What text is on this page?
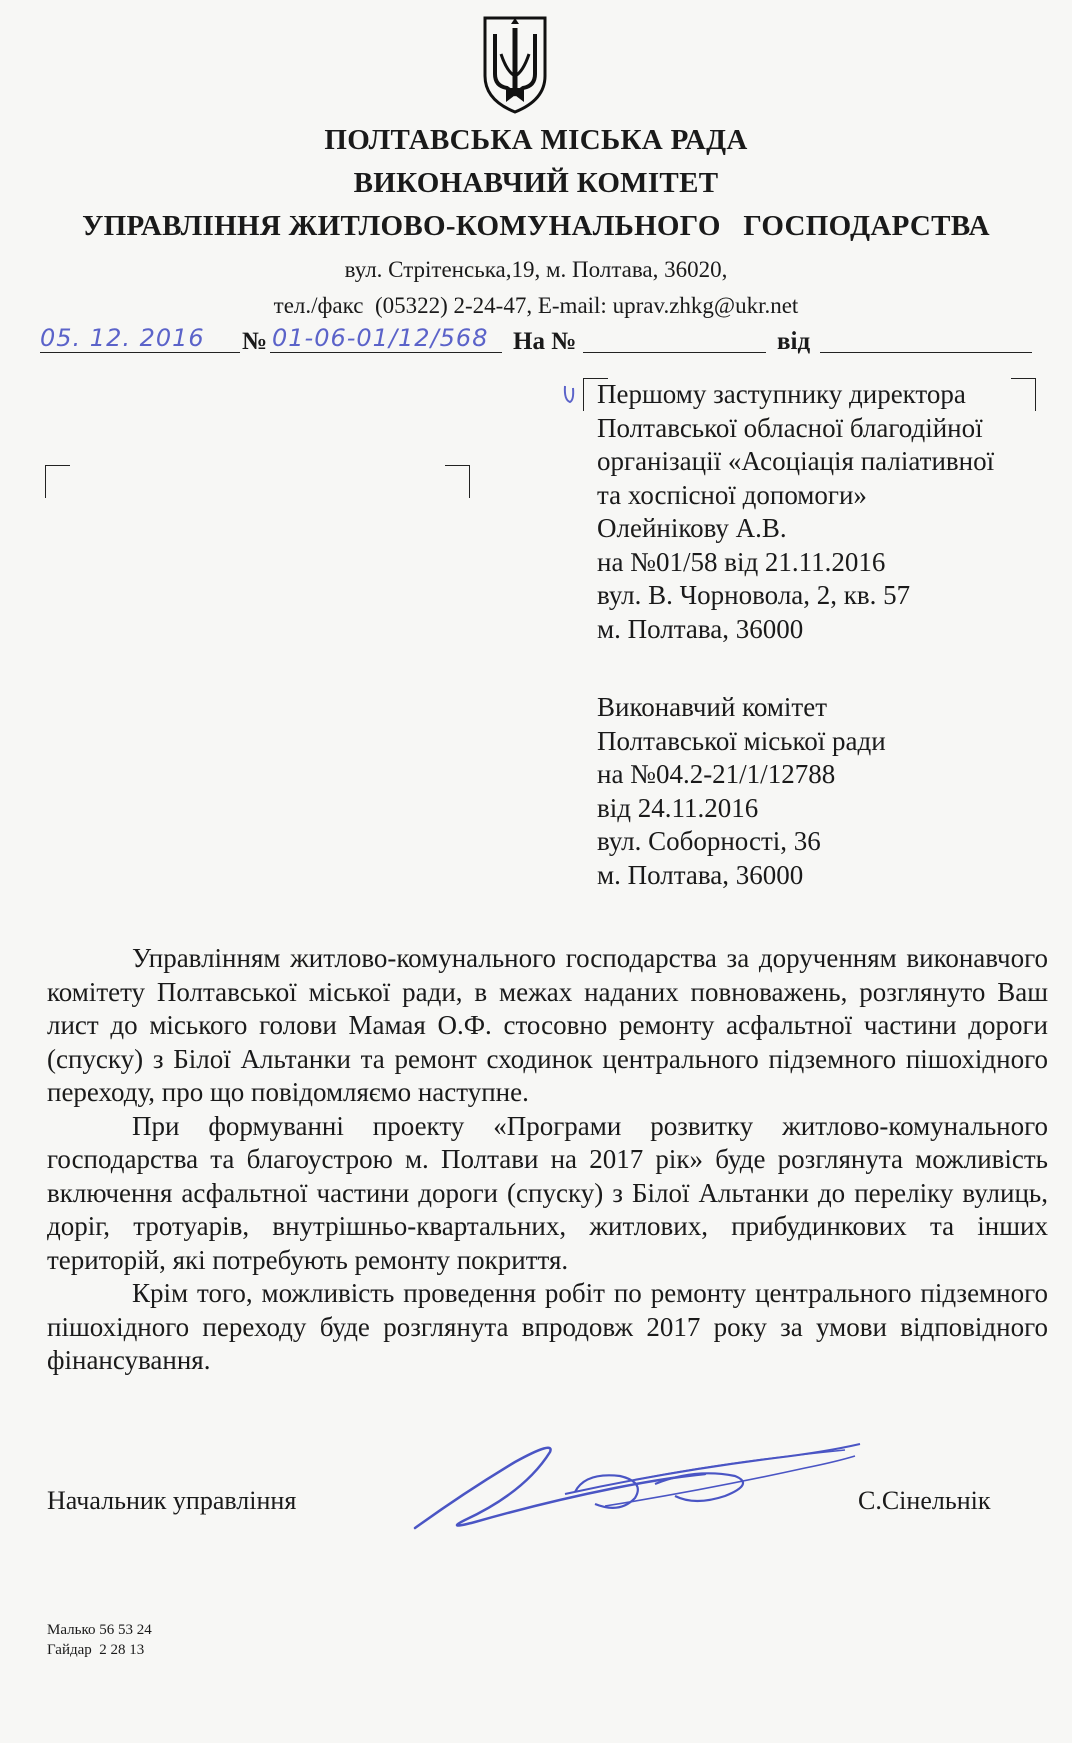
ПОЛТАВСЬКА МІСЬКА РАДА
ВИКОНАВЧИЙ КОМІТЕТ
УПРАВЛІННЯ ЖИТЛОВО-КОМУНАЛЬНОГО   ГОСПОДАРСТВА
вул. Стрітенська,19, м. Полтава, 36020,
тел./факс  (05322) 2-24-47, E-mail: uprav.zhkg@ukr.net
05. 12. 2016 № 01-06-01/12/568 На №	від
Першому заступнику директора
Полтавської обласної благодійної
організації «Асоціація паліативної
та хоспісної допомоги»
Олейнікову А.В.
на №01/58 від 21.11.2016
вул. В. Чорновола, 2, кв. 57
м. Полтава, 36000
Виконавчий комітет
Полтавської міської ради
на №04.2-21/1/12788
від 24.11.2016
вул. Соборності, 36
м. Полтава, 36000

Управлінням житлово-комунального господарства за дорученням виконавчого комітету Полтавської міської ради, в межах наданих повноважень, розглянуто Ваш лист до міського голови Мамая О.Ф. стосовно ремонту асфальтної частини дороги (спуску) з Білої Альтанки та ремонт сходинок центрального підземного пішохідного переходу, про що повідомляємо наступне.

При формуванні проекту «Програми розвитку житлово-комунального господарства та благоустрою м. Полтави на 2017 рік» буде розглянута можливість включення асфальтної частини дороги (спуску) з Білої Альтанки до переліку вулиць, доріг, тротуарів, внутрішньо-квартальних, житлових, прибудинкових та інших територій, які потребують ремонту покриття.

Крім того, можливість проведення робіт по ремонту центрального підземного пішохідного переходу буде розглянута впродовж 2017 року за умови відповідного фінансування.

Начальник управління	С.Сінельнік
Малько 56 53 24
Гайдар  2 28 13
